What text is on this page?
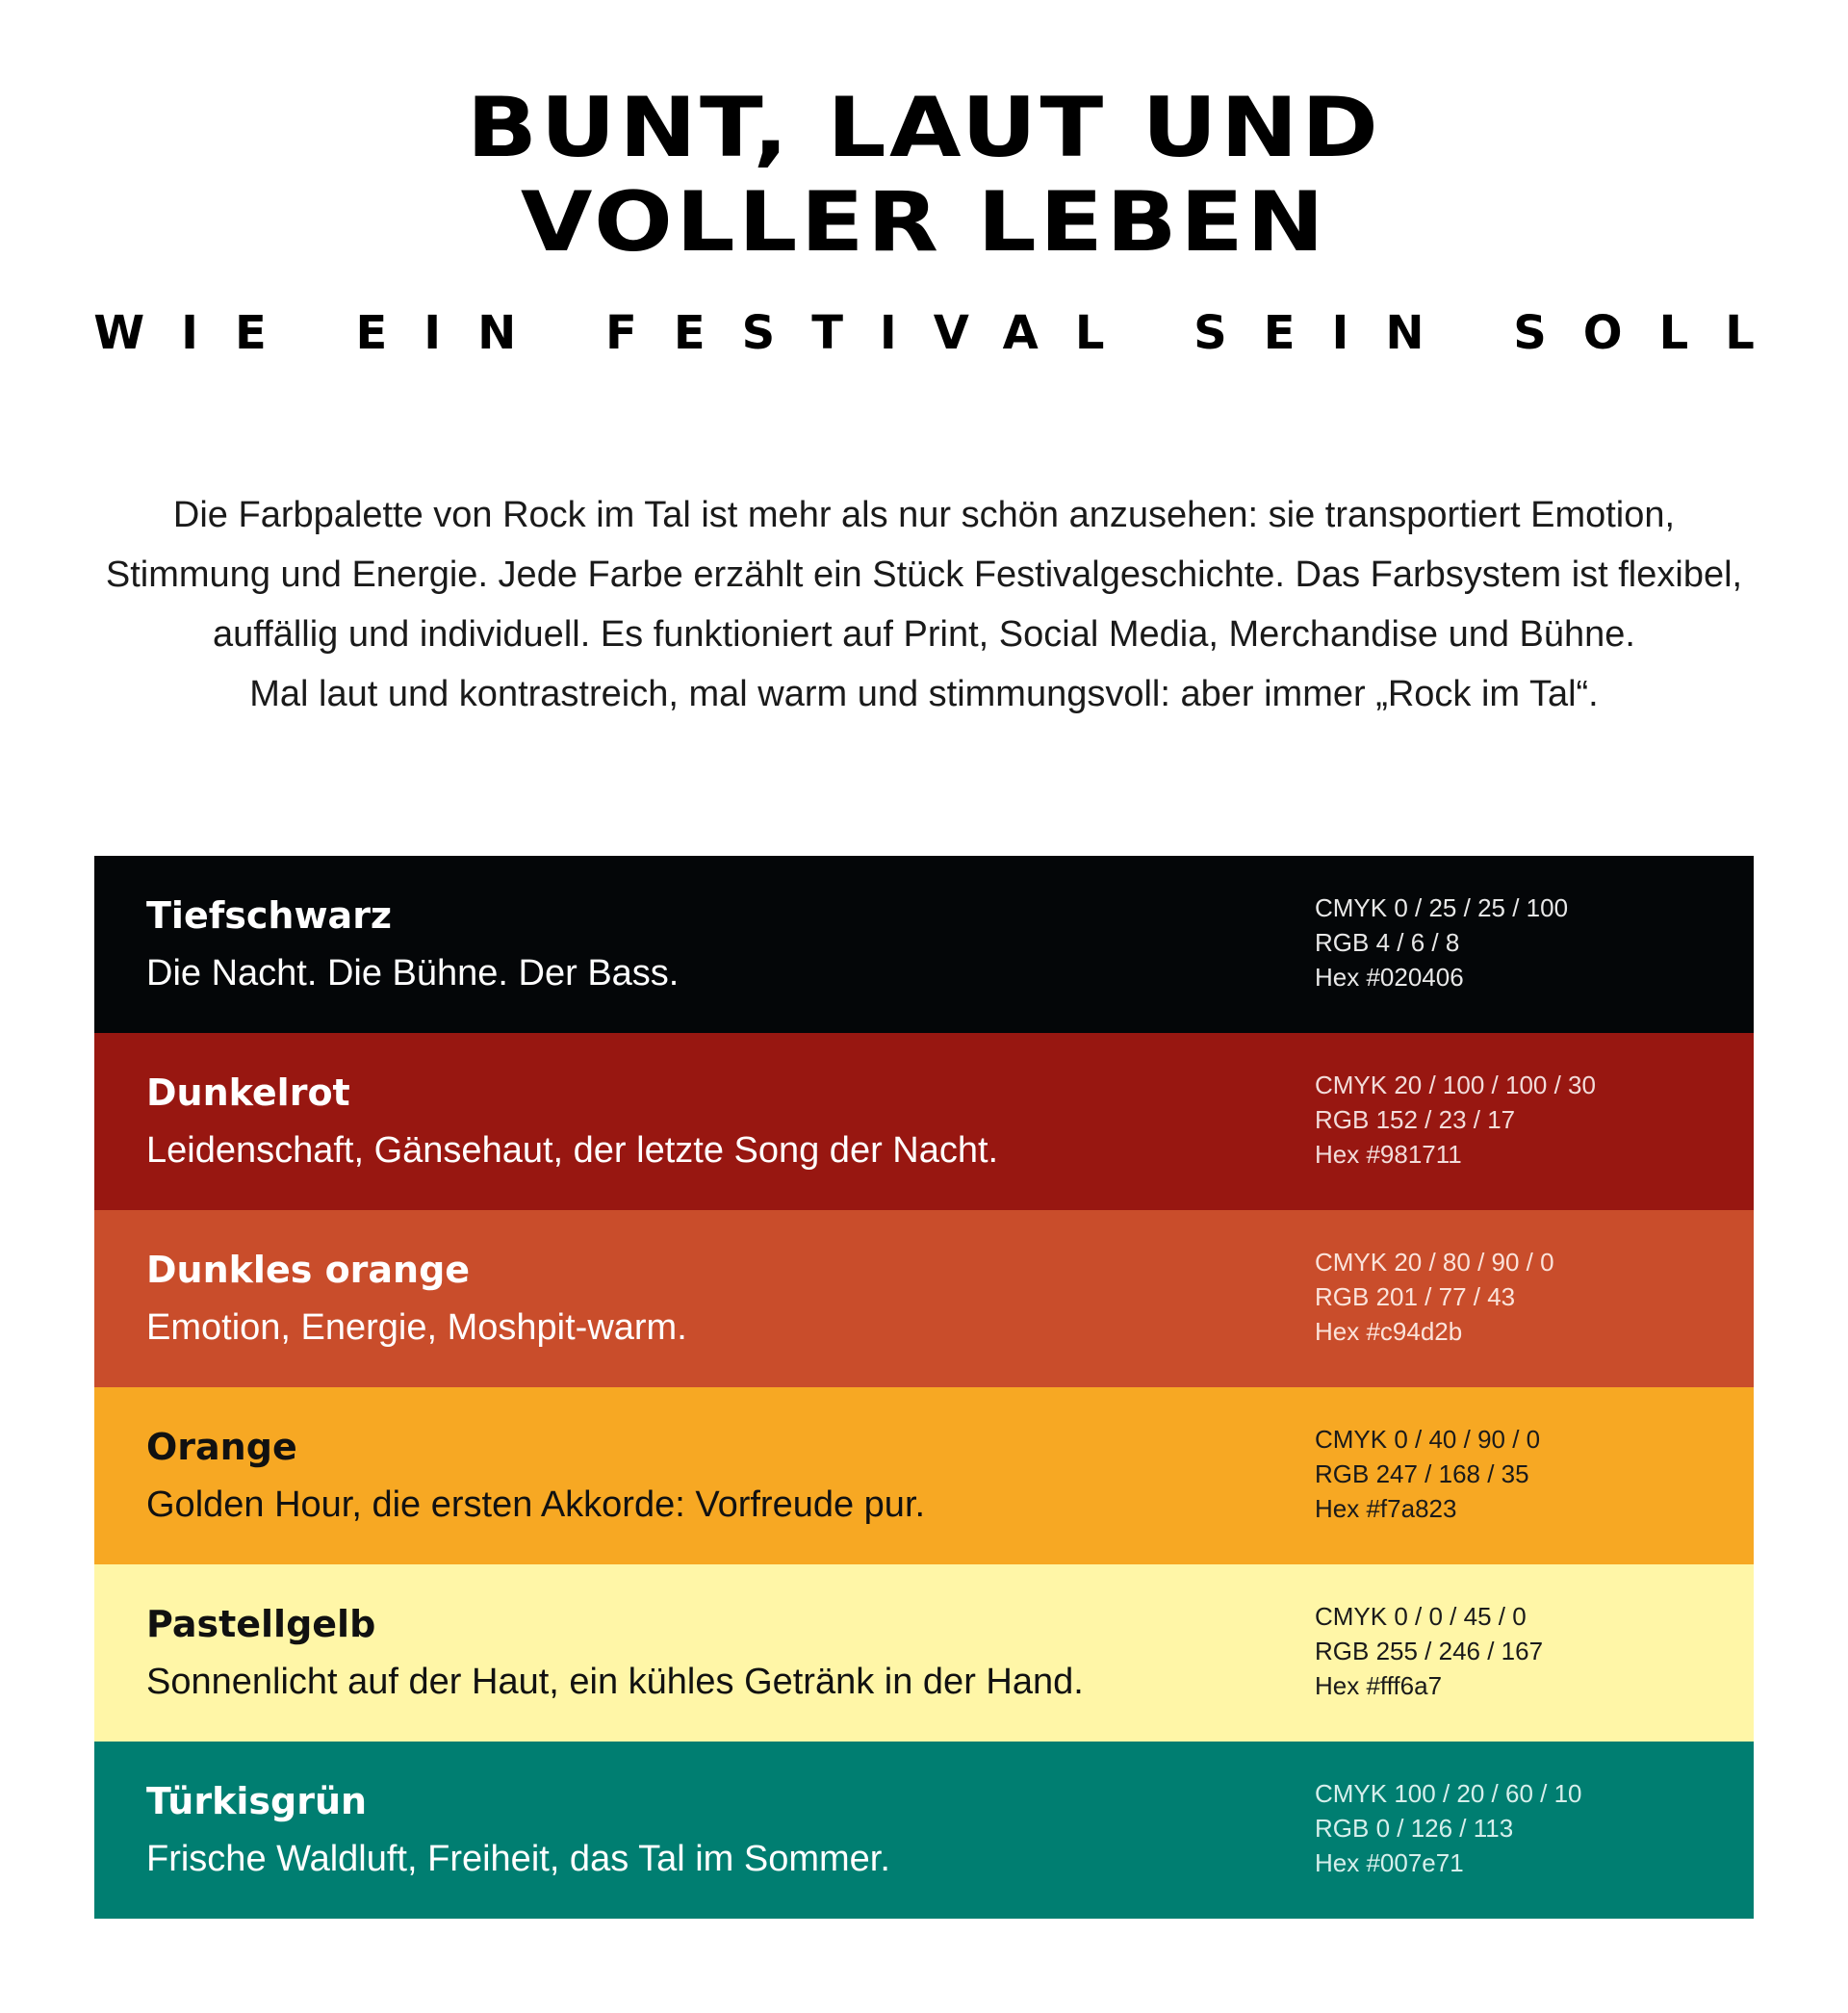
BUNT, LAUT UND
VOLLER LEBEN
WIE EIN FESTIVAL SEIN SOLL
Die Farbpalette von Rock im Tal ist mehr als nur schön anzusehen: sie transportiert Emotion,
Stimmung und Energie. Jede Farbe erzählt ein Stück Festivalgeschichte. Das Farbsystem ist flexibel,
auffällig und individuell. Es funktioniert auf Print, Social Media, Merchandise und Bühne.
Mal laut und kontrastreich, mal warm und stimmungsvoll: aber immer „Rock im Tal“.
Tiefschwarz
Die Nacht. Die Bühne. Der Bass.
CMYK 0 / 25 / 25 / 100
RGB 4 / 6 / 8
Hex #020406
Dunkelrot
Leidenschaft, Gänsehaut, der letzte Song der Nacht.
CMYK 20 / 100 / 100 / 30
RGB 152 / 23 / 17
Hex #981711
Dunkles orange
Emotion, Energie, Moshpit-warm.
CMYK 20 / 80 / 90 / 0
RGB 201 / 77 / 43
Hex #c94d2b
Orange
Golden Hour, die ersten Akkorde: Vorfreude pur.
CMYK 0 / 40 / 90 / 0
RGB 247 / 168 / 35
Hex #f7a823
Pastellgelb
Sonnenlicht auf der Haut, ein kühles Getränk in der Hand.
CMYK 0 / 0 / 45 / 0
RGB 255 / 246 / 167
Hex #fff6a7
Türkisgrün
Frische Waldluft, Freiheit, das Tal im Sommer.
CMYK 100 / 20 / 60 / 10
RGB 0 / 126 / 113
Hex #007e71
